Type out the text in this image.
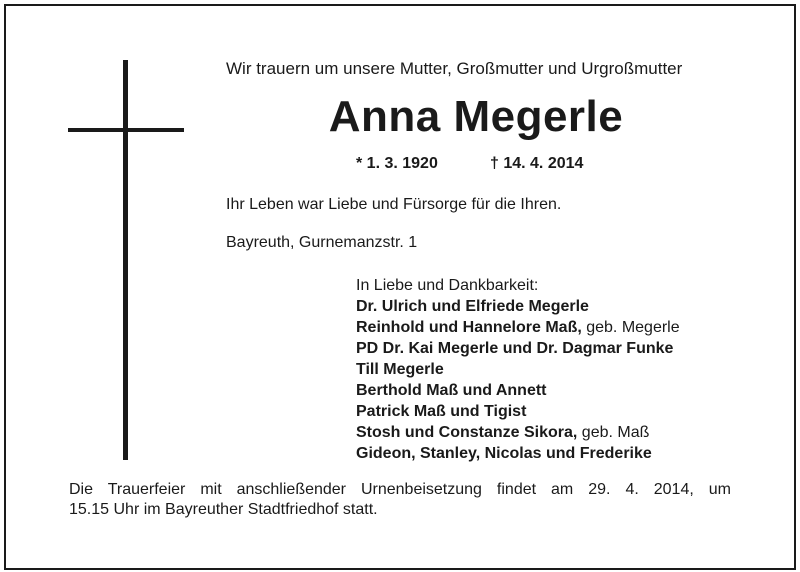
Wir trauern um unsere Mutter, Großmutter und Urgroßmutter
Anna Megerle
* 1. 3. 1920	† 14. 4. 2014
Ihr Leben war Liebe und Fürsorge für die Ihren.
Bayreuth, Gurnemanzstr. 1
In Liebe und Dankbarkeit:
Dr. Ulrich und Elfriede Megerle
Reinhold und Hannelore Maß, geb. Megerle
PD Dr. Kai Megerle und Dr. Dagmar Funke
Till Megerle
Berthold Maß und Annett
Patrick Maß und Tigist
Stosh und Constanze Sikora, geb. Maß
Gideon, Stanley, Nicolas und Frederike
Die Trauerfeier mit anschließender Urnenbeisetzung findet am 29. 4. 2014, um
15.15 Uhr im Bayreuther Stadtfriedhof statt.
